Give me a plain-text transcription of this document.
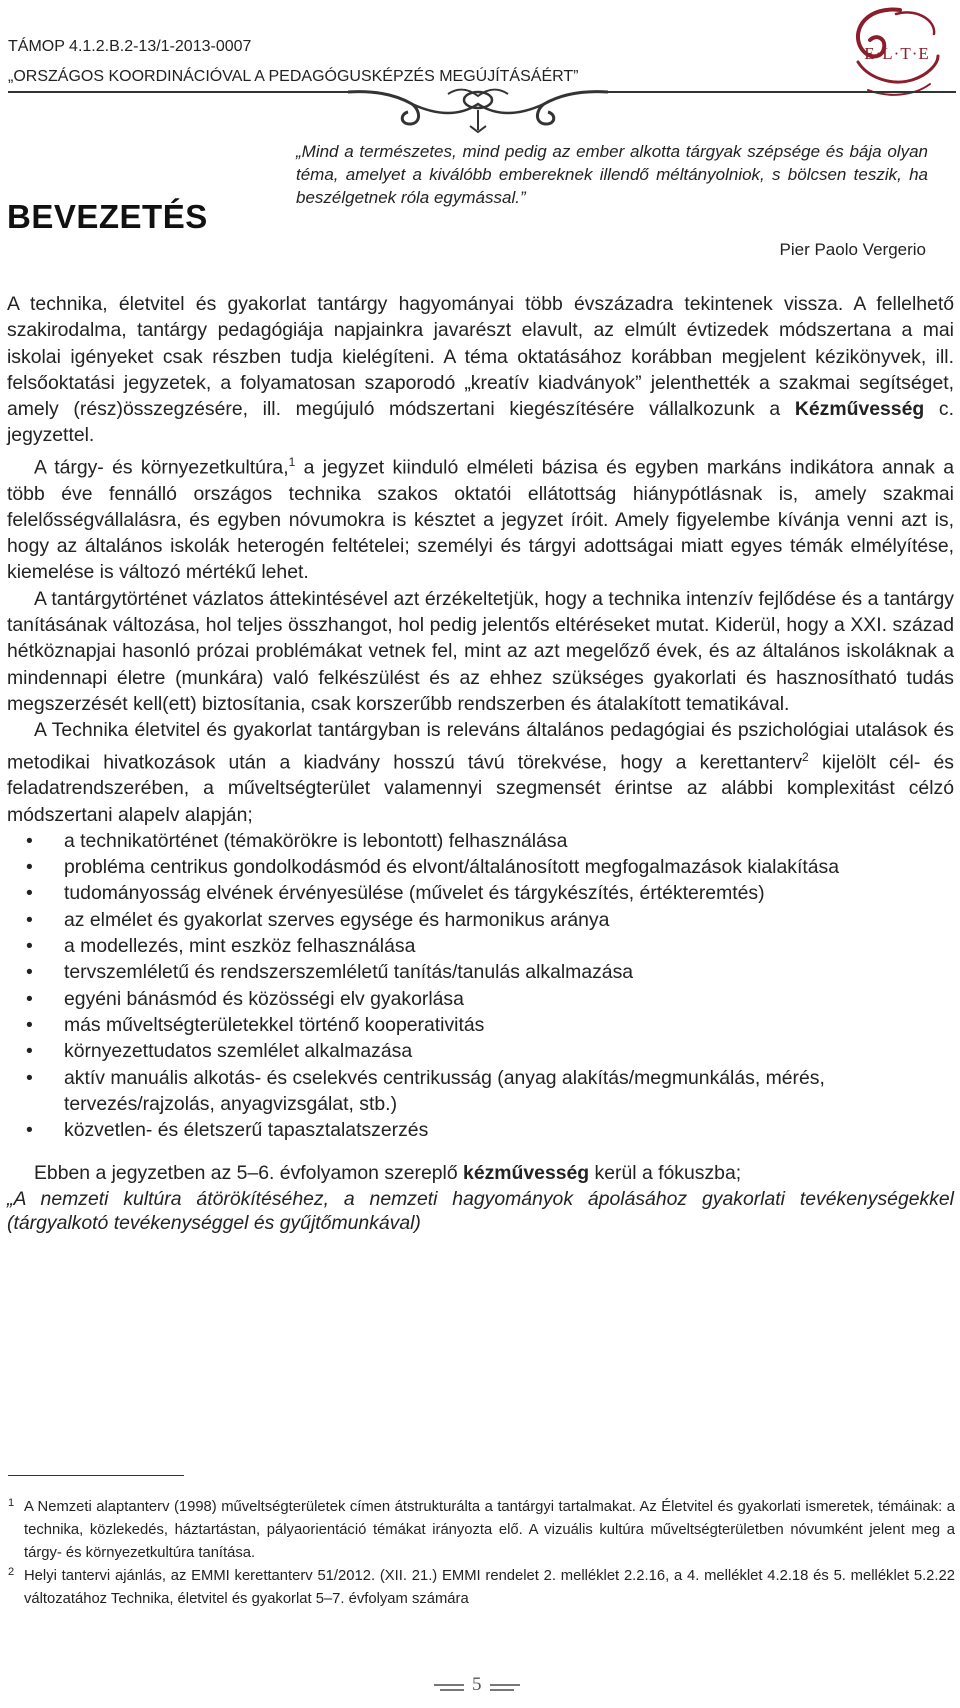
TÁMOP 4.1.2.B.2-13/1-2013-0007
„ORSZÁGOS KOORDINÁCIÓVAL A PEDAGÓGUSKÉPZÉS MEGÚJÍTÁSÁÉRT”
E·L·T·E
BEVEZETÉS
„Mind a természetes, mind pedig az ember alkotta tárgyak szépsége és bája olyan téma, amelyet a kiválóbb embereknek illendő méltányolniok, s bölcsen teszik, ha beszélgetnek róla egymással.”
Pier Paolo Vergerio

A technika, életvitel és gyakorlat tantárgy hagyományai több évszázadra tekintenek vissza. A fellelhető szakirodalma, tantárgy pedagógiája napjainkra javarészt elavult, az elmúlt évtizedek módszertana a mai iskolai igényeket csak részben tudja kielégíteni. A téma oktatásához korábban megjelent kézikönyvek, ill. felsőoktatási jegyzetek, a folyamatosan szaporodó „kreatív kiadványok” jelenthették a szakmai segítséget, amely (rész)összegzésére, ill. megújuló módszertani kiegészítésére vállalkozunk a Kézművesség c. jegyzettel.

A tárgy- és környezetkultúra,$^1$ a jegyzet kiinduló elméleti bázisa és egyben markáns indikátora annak a több éve fennálló országos technika szakos oktatói ellátottság hiánypótlásnak is, amely szakmai felelősségvállalásra, és egyben nóvumokra is késztet a jegyzet íróit. Amely figyelembe kívánja venni azt is, hogy az általános iskolák heterogén feltételei; személyi és tárgyi adottságai miatt egyes témák elmélyítése, kiemelése is változó mértékű lehet.

A tantárgytörténet vázlatos áttekintésével azt érzékeltetjük, hogy a technika intenzív fejlődése és a tantárgy tanításának változása, hol teljes összhangot, hol pedig jelentős eltéréseket mutat. Kiderül, hogy a XXI. század hétköznapjai hasonló prózai problémákat vetnek fel, mint az azt megelőző évek, és az általános iskoláknak a mindennapi életre (munkára) való felkészülést és az ehhez szükséges gyakorlati és hasznosítható tudás megszerzését kell(ett) biztosítania, csak korszerűbb rendszerben és átalakított tematikával.

A Technika életvitel és gyakorlat tantárgyban is releváns általános pedagógiai és pszichológiai utalások és metodikai hivatkozások után a kiadvány hosszú távú törekvése, hogy a kerettanterv$^2$ kijelölt cél- és feladatrendszerében, a műveltségterület valamennyi szegmensét érintse az alábbi komplexitást célzó módszertani alapelv alapján;

• a technikatörténet (témakörökre is lebontott) felhasználása
• probléma centrikus gondolkodásmód és elvont/általánosított megfogalmazások kialakítása
• tudományosság elvének érvényesülése (művelet és tárgykészítés, értékteremtés)
• az elmélet és gyakorlat szerves egysége és harmonikus aránya
• a modellezés, mint eszköz felhasználása
• tervszemléletű és rendszerszemléletű tanítás/tanulás alkalmazása
• egyéni bánásmód és közösségi elv gyakorlása
• más műveltségterületekkel történő kooperativitás
• környezettudatos szemlélet alkalmazása
• aktív manuális alkotás- és cselekvés centrikusság (anyag alakítás/megmunkálás, mérés, tervezés/rajzolás, anyagvizsgálat, stb.)
• közvetlen- és életszerű tapasztalatszerzés

Ebben a jegyzetben az 5–6. évfolyamon szereplő kézművesség kerül a fókuszba;

„A nemzeti kultúra átörökítéséhez, a nemzeti hagyományok ápolásához gyakorlati tevékenységekkel (tárgyalkotó tevékenységgel és gyűjtőmunkával)

1 A Nemzeti alaptanterv (1998) műveltségterületek címen átstrukturálta a tantárgyi tartalmakat. Az Életvitel és gyakorlati ismeretek, témáinak: a technika, közlekedés, háztartástan, pályaorientáció témákat irányozta elő. A vizuális kultúra műveltségterületben nóvumként jelent meg a tárgy- és környezetkultúra tanítása.
2 Helyi tantervi ajánlás, az EMMI kerettanterv 51/2012. (XII. 21.) EMMI rendelet 2. melléklet 2.2.16, a 4. melléklet 4.2.18 és 5. melléklet 5.2.22 változatához Technika, életvitel és gyakorlat 5–7. évfolyam számára
5
